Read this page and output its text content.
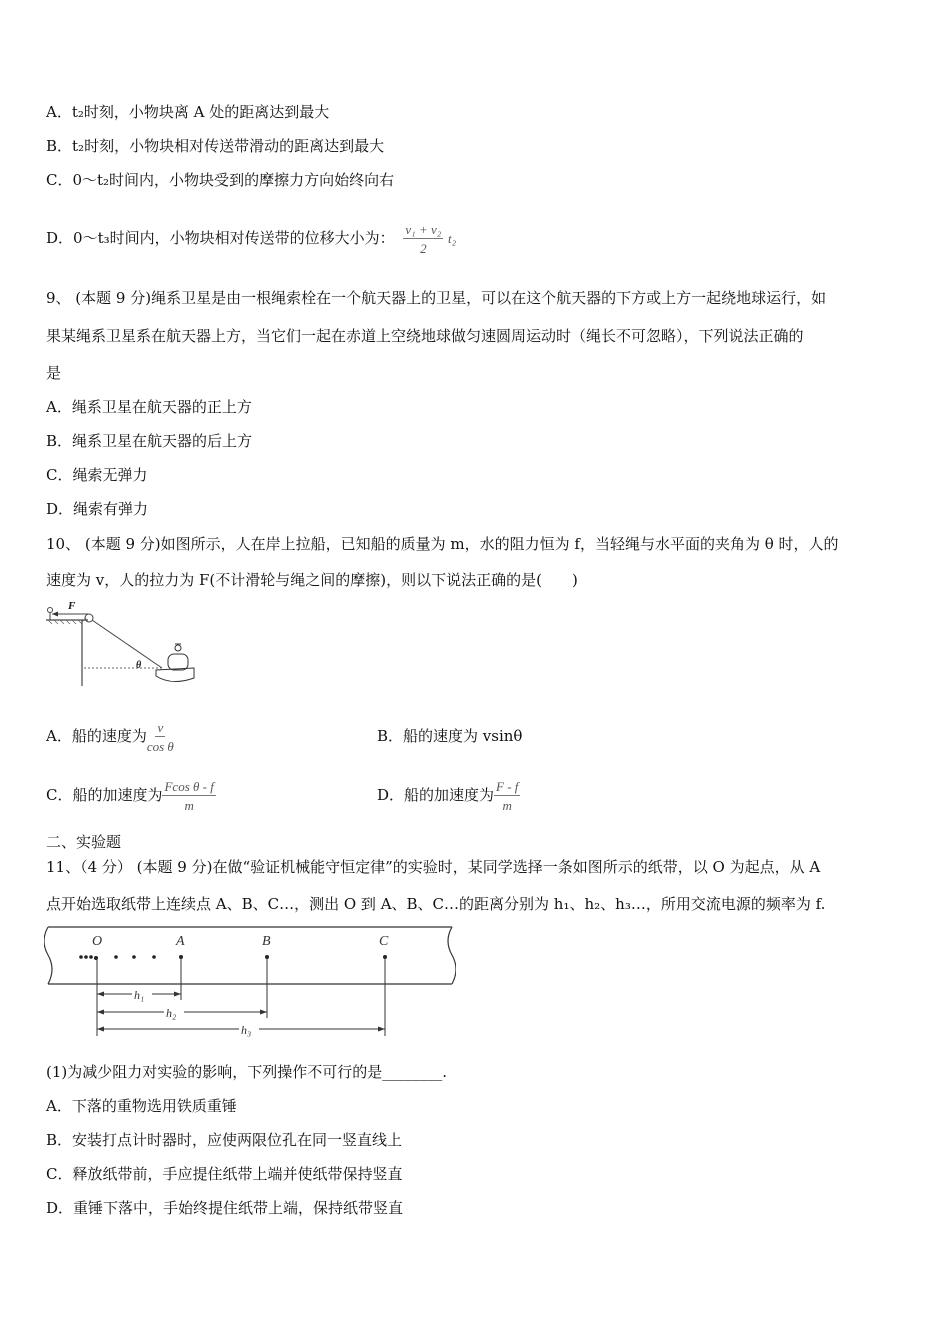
A．t₂时刻，小物块离 A 处的距离达到最大
B．t₂时刻，小物块相对传送带滑动的距离达到最大
C．0～t₂时间内，小物块受到的摩擦力方向始终向右
D．0～t₃时间内，小物块相对传送带的位移大小为： $\frac{\text{v₁ + v₂}}{2} t_2$
9、 (本题 9 分)绳系卫星是由一根绳索栓在一个航天器上的卫星，可以在这个航天器的下方或上方一起绕地球运行，如
果某绳系卫星系在航天器上方，当它们一起在赤道上空绕地球做匀速圆周运动时（绳长不可忽略），下列说法正确的
是
A．绳系卫星在航天器的正上方
B．绳系卫星在航天器的后上方
C．绳索无弹力
D．绳索有弹力
10、 (本题 9 分)如图所示，人在岸上拉船，已知船的质量为 m，水的阻力恒为 f，当轻绳与水平面的夹角为 θ 时，人的
速度为 v，人的拉力为 F(不计滑轮与绳之间的摩擦)，则以下说法正确的是(　　)
F
θ
A．船的速度为 $\frac{v}{\text{cos θ}}$	B．船的速度为 vsinθ
C．船的加速度为 $\frac{\text{Fcos θ - f}}{m}$	D．船的加速度为 $\frac{F - f}{m}$
二、实验题
11、（4 分） (本题 9 分)在做“验证机械能守恒定律”的实验时，某同学选择一条如图所示的纸带，以 O 为起点，从 A
点开始选取纸带上连续点 A、B、C…，测出 O 到 A、B、C…的距离分别为 h₁、h₂、h₃…，所用交流电源的频率为 f.
O	A	B	C
h₁
h₂
h₃
(1)为减少阻力对实验的影响，下列操作不可行的是________.
A．下落的重物选用铁质重锤
B．安装打点计时器时，应使两限位孔在同一竖直线上
C．释放纸带前，手应提住纸带上端并使纸带保持竖直
D．重锤下落中，手始终提住纸带上端，保持纸带竖直
